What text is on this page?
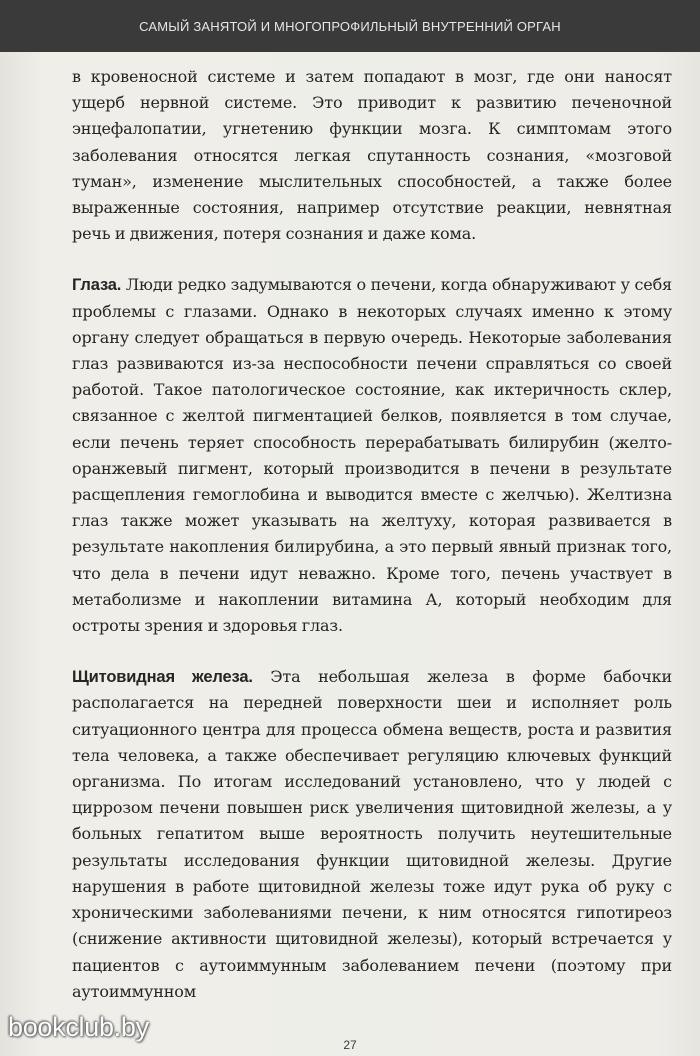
САМЫЙ ЗАНЯТОЙ И МНОГОПРОФИЛЬНЫЙ ВНУТРЕННИЙ ОРГАН

в кровеносной системе и затем попадают в мозг, где они наносят ущерб нервной системе. Это приводит к развитию печеночной энцефалопатии, угнетению функции мозга. К симптомам этого заболевания относятся легкая спутанность сознания, «мозговой туман», изменение мыслительных способностей, а также более выраженные состояния, например отсутствие реакции, невнятная речь и движения, потеря сознания и даже кома.

Глаза. Люди редко задумываются о печени, когда обнаруживают у себя проблемы с глазами. Однако в некоторых случаях именно к этому органу следует обращаться в первую очередь. Некоторые заболевания глаз развиваются из-за неспособности печени справляться со своей работой. Такое патологическое состояние, как иктеричность склер, связанное с желтой пигментацией белков, появляется в том случае, если печень теряет способность перерабатывать билирубин (желто-оранжевый пигмент, который производится в печени в результате расщепления гемоглобина и выводится вместе с желчью). Желтизна глаз также может указывать на желтуху, которая развивается в результате накопления билирубина, а это первый явный признак того, что дела в печени идут неважно. Кроме того, печень участвует в метаболизме и накоплении витамина А, который необходим для остроты зрения и здоровья глаз.

Щитовидная железа. Эта небольшая железа в форме бабочки располагается на передней поверхности шеи и исполняет роль ситуационного центра для процесса обмена веществ, роста и развития тела человека, а также обеспечивает регуляцию ключевых функций организма. По итогам исследований установлено, что у людей с циррозом печени повышен риск увеличения щитовидной железы, а у больных гепатитом выше вероятность получить неутешительные результаты исследования функции щитовидной железы. Другие нарушения в работе щитовидной железы тоже идут рука об руку с хроническими заболеваниями печени, к ним относятся гипотиреоз (снижение активности щитовидной железы), который встречается у пациентов с аутоиммунным заболеванием печени (поэтому при аутоиммунном

bookclub.by
27
